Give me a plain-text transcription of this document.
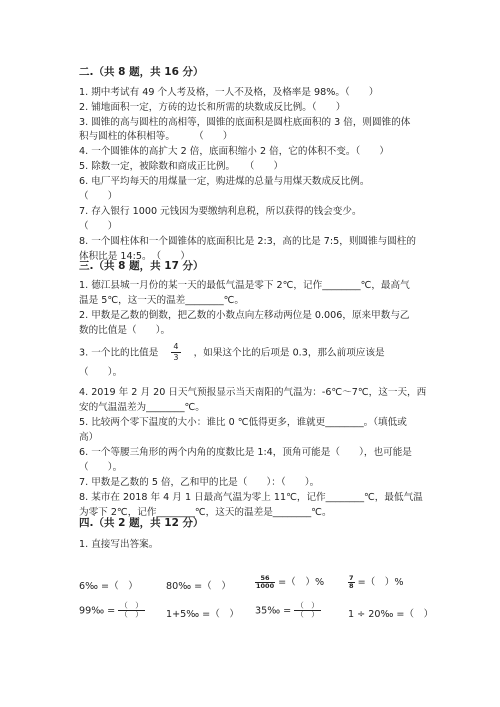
二.（共 8 题，共 16 分）
1. 期中考试有 49 个人考及格，一人不及格，及格率是 98%。（　　）
2. 铺地面积一定，方砖的边长和所需的块数成反比例。（　　）
3. 圆锥的高与圆柱的高相等，圆锥的底面积是圆柱底面积的 3 倍，则圆锥的体
积与圆柱的体积相等。　　　（　　）
4. 一个圆锥体的高扩大 2 倍，底面积缩小 2 倍，它的体积不变。（　　）
5. 除数一定，被除数和商成正比例。　　（　　）
6. 电厂平均每天的用煤量一定，购进煤的总量与用煤天数成反比例。
（　　）
7. 存入银行 1000 元钱因为要缴纳利息税，所以获得的钱会变少。
（　　）
8. 一个圆柱体和一个圆锥体的底面积比是 2:3，高的比是 7:5，则圆锥与圆柱的
体积比是 14:5。　（　　）
三.（共 8 题，共 17 分）
1. 德江县城一月份的某一天的最低气温是零下 2℃，记作________℃，最高气
温是 5℃，这一天的温差________℃。
2. 甲数是乙数的倒数，把乙数的小数点向左移动两位是 0.006，原来甲数与乙
数的比值是（　　）。
3. 一个比的比值是 $\frac{4}{3}$ ，如果这个比的后项是 0.3，那么前项应该是
（　　）。
4. 2019 年 2 月 20 日天气预报显示当天南阳的气温为：-6℃～7℃，这一天，西
安的气温温差为________℃。
5. 比较两个零下温度的大小：谁比 0 ℃低得更多，谁就更________。（填低或
高）
6. 一个等腰三角形的两个内角的度数比是 1:4，顶角可能是（　　），也可能是
（　　）。
7. 甲数是乙数的 5 倍，乙和甲的比是（　　）：（　　）。
8. 某市在 2018 年 4 月 1 日最高气温为零上 11℃，记作________℃，最低气温
为零下 2℃，记作________℃，这天的温差是________℃。
四.（共 2 题，共 12 分）
1. 直接写出答案。
6‰ =（　）	80‰ =（　）	$\frac{56}{1000}$ =（　）%	$\frac{7}{8}$ =（　）%
99‰ = $\frac{( )}{( )}$ 1+5‰ =（　） 35‰ = $\frac{( )}{( )}$	1 ÷ 20‰ =（　）
